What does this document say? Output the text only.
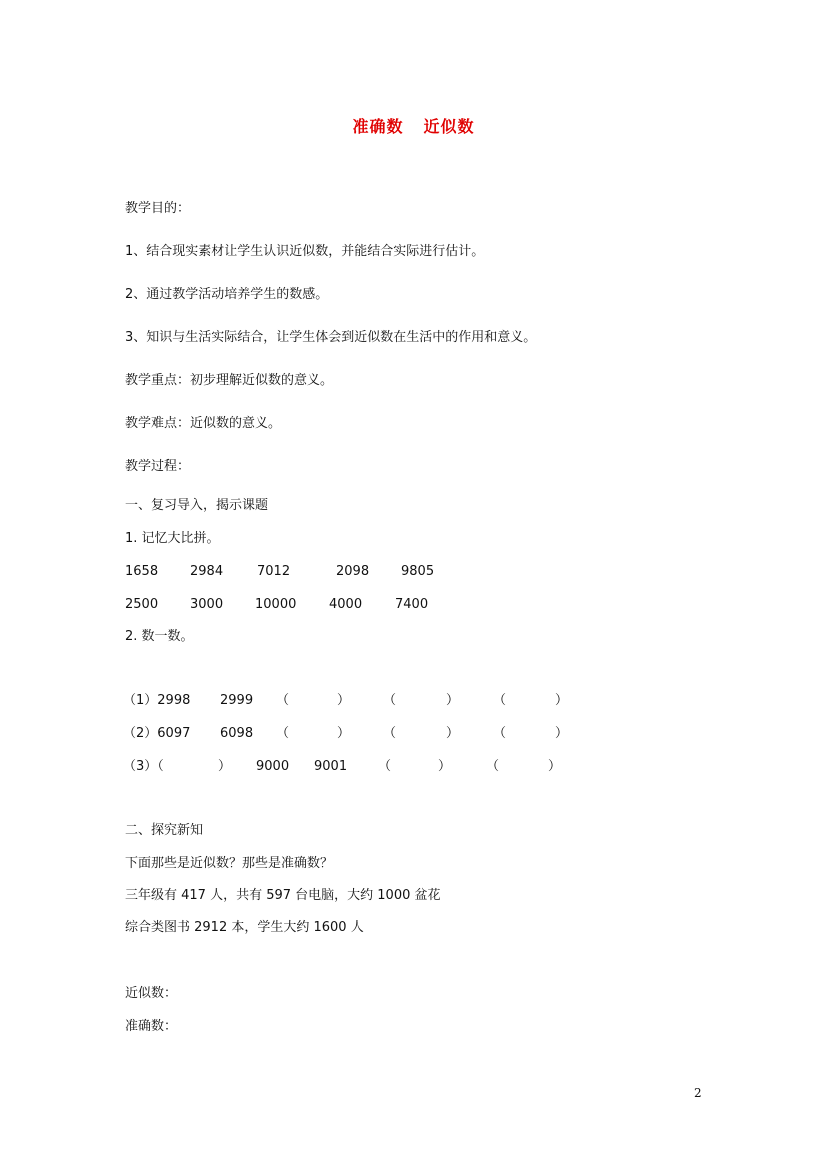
准确数 近似数
教学目的：
1、结合现实素材让学生认识近似数，并能结合实际进行估计。
2、通过教学活动培养学生的数感。
3、知识与生活实际结合，让学生体会到近似数在生活中的作用和意义。
教学重点：初步理解近似数的意义。
教学难点：近似数的意义。
教学过程：
一、复习导入，揭示课题
1. 记忆大比拼。
1658 2984	7012	2098 9805
2500 3000 10000	4000	7400
2. 数一数。
（1）2998 2999 （	）	（	）	（	）
（2）6097 6098 （	）	（	）	（	）
（3）（	） 9000 9001 （	）	（	）
二、探究新知
下面那些是近似数？那些是准确数？
三年级有 417 人，共有 597 台电脑，大约 1000 盆花
综合类图书 2912 本，学生大约 1600 人
近似数：
准确数：
2
